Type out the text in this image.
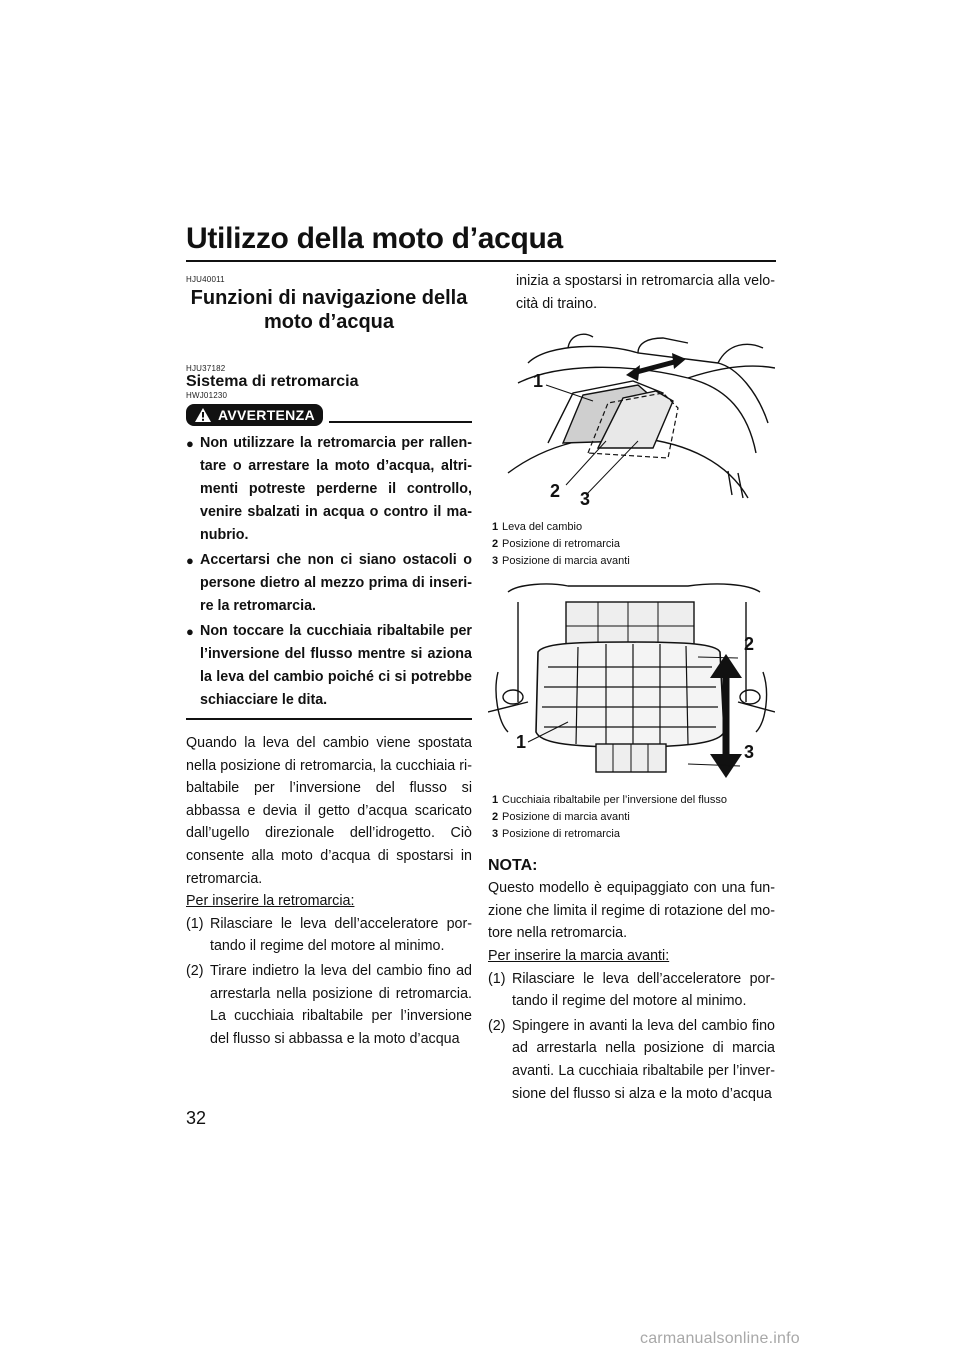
Utilizzo della moto d’acqua
HJU40011
Funzioni di navigazione della
moto d’acqua
HJU37182
Sistema di retromarcia
HWJ01230
AVVERTENZA
● Non utilizzare la retromarcia per rallen-tare o arrestare la moto d’acqua, altri-menti potreste perderne il controllo, venire sbalzati in acqua o contro il ma-nubrio.
● Accertarsi che non ci siano ostacoli o persone dietro al mezzo prima di inseri-re la retromarcia.
● Non toccare la cucchiaia ribaltabile per l’inversione del flusso mentre si aziona la leva del cambio poiché ci si potrebbe schiacciare le dita.

Quando la leva del cambio viene spostata nella posizione di retromarcia, la cucchiaia ri-baltabile per l’inversione del flusso si abbassa e devia il getto d’acqua scaricato dall’ugello direzionale dell’idrogetto. Ciò consente alla moto d’acqua di spostarsi in retromarcia.

Per inserire la retromarcia:
(1) Rilasciare le leva dell’acceleratore por-tando il regime del motore al minimo.
(2) Tirare indietro la leva del cambio fino ad arrestarla nella posizione di retromarcia. La cucchiaia ribaltabile per l’inversione del flusso si abbassa e la moto d’acqua
inizia a spostarsi in retromarcia alla velo-cità di traino.
1
2 3
1 Leva del cambio
2 Posizione di retromarcia
3 Posizione di marcia avanti
2
1	3
1 Cucchiaia ribaltabile per l’inversione del flusso
2 Posizione di marcia avanti
3 Posizione di retromarcia
NOTA:

Questo modello è equipaggiato con una fun-zione che limita il regime di rotazione del mo-tore nella retromarcia.

Per inserire la marcia avanti:
(1) Rilasciare le leva dell’acceleratore por-tando il regime del motore al minimo.
(2) Spingere in avanti la leva del cambio fino ad arrestarla nella posizione di marcia avanti. La cucchiaia ribaltabile per l’inver-sione del flusso si alza e la moto d’acqua
32
carmanualsonline.info
